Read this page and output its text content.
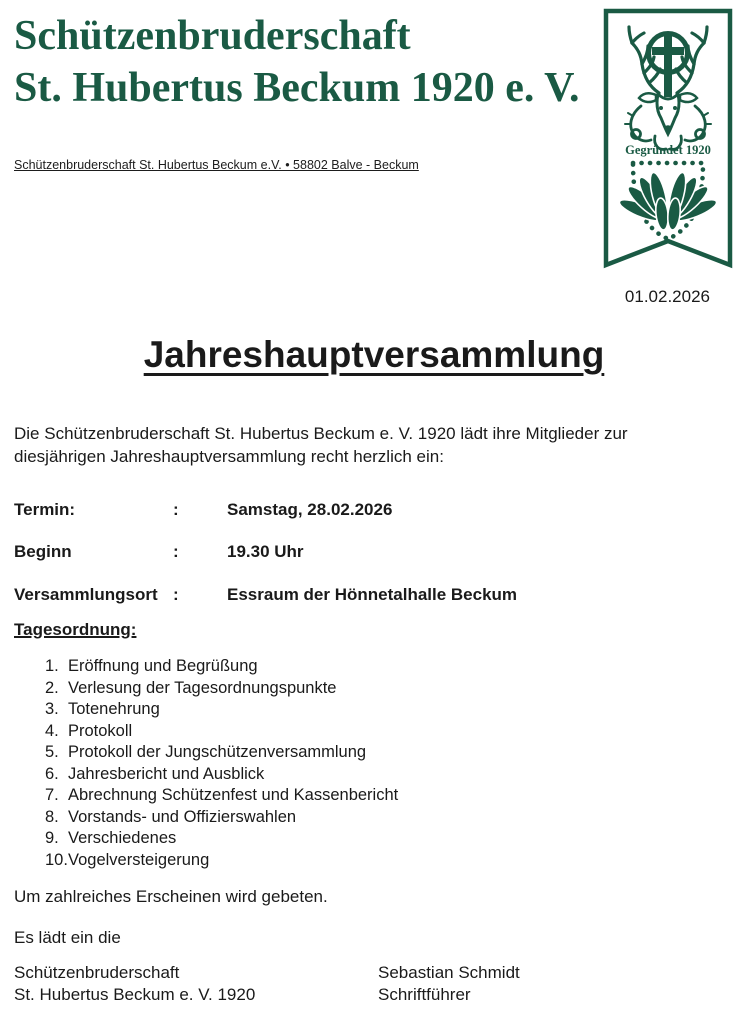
Schützenbruderschaft
St. Hubertus Beckum 1920 e. V.
Schützenbruderschaft St. Hubertus Beckum e.V. • 58802 Balve - Beckum
Gegründet 1920
01.02.2026
Jahreshauptversammlung
Die Schützenbruderschaft St. Hubertus Beckum e. V. 1920 lädt ihre Mitglieder zur
diesjährigen Jahreshauptversammlung recht herzlich ein:
Termin:	:	Samstag, 28.02.2026
Beginn	:	19.30 Uhr
Versammlungsort :	Essraum der Hönnetalhalle Beckum
Tagesordnung:
1. Eröffnung und Begrüßung
2. Verlesung der Tagesordnungspunkte
3. Totenehrung
4. Protokoll
5. Protokoll der Jungschützenversammlung
6. Jahresbericht und Ausblick
7. Abrechnung Schützenfest und Kassenbericht
8. Vorstands- und Offizierswahlen
9. Verschiedenes
10. Vogelversteigerung
Um zahlreiches Erscheinen wird gebeten.
Es lädt ein die
Schützenbruderschaft
St. Hubertus Beckum e. V. 1920
Sebastian Schmidt
Schriftführer
